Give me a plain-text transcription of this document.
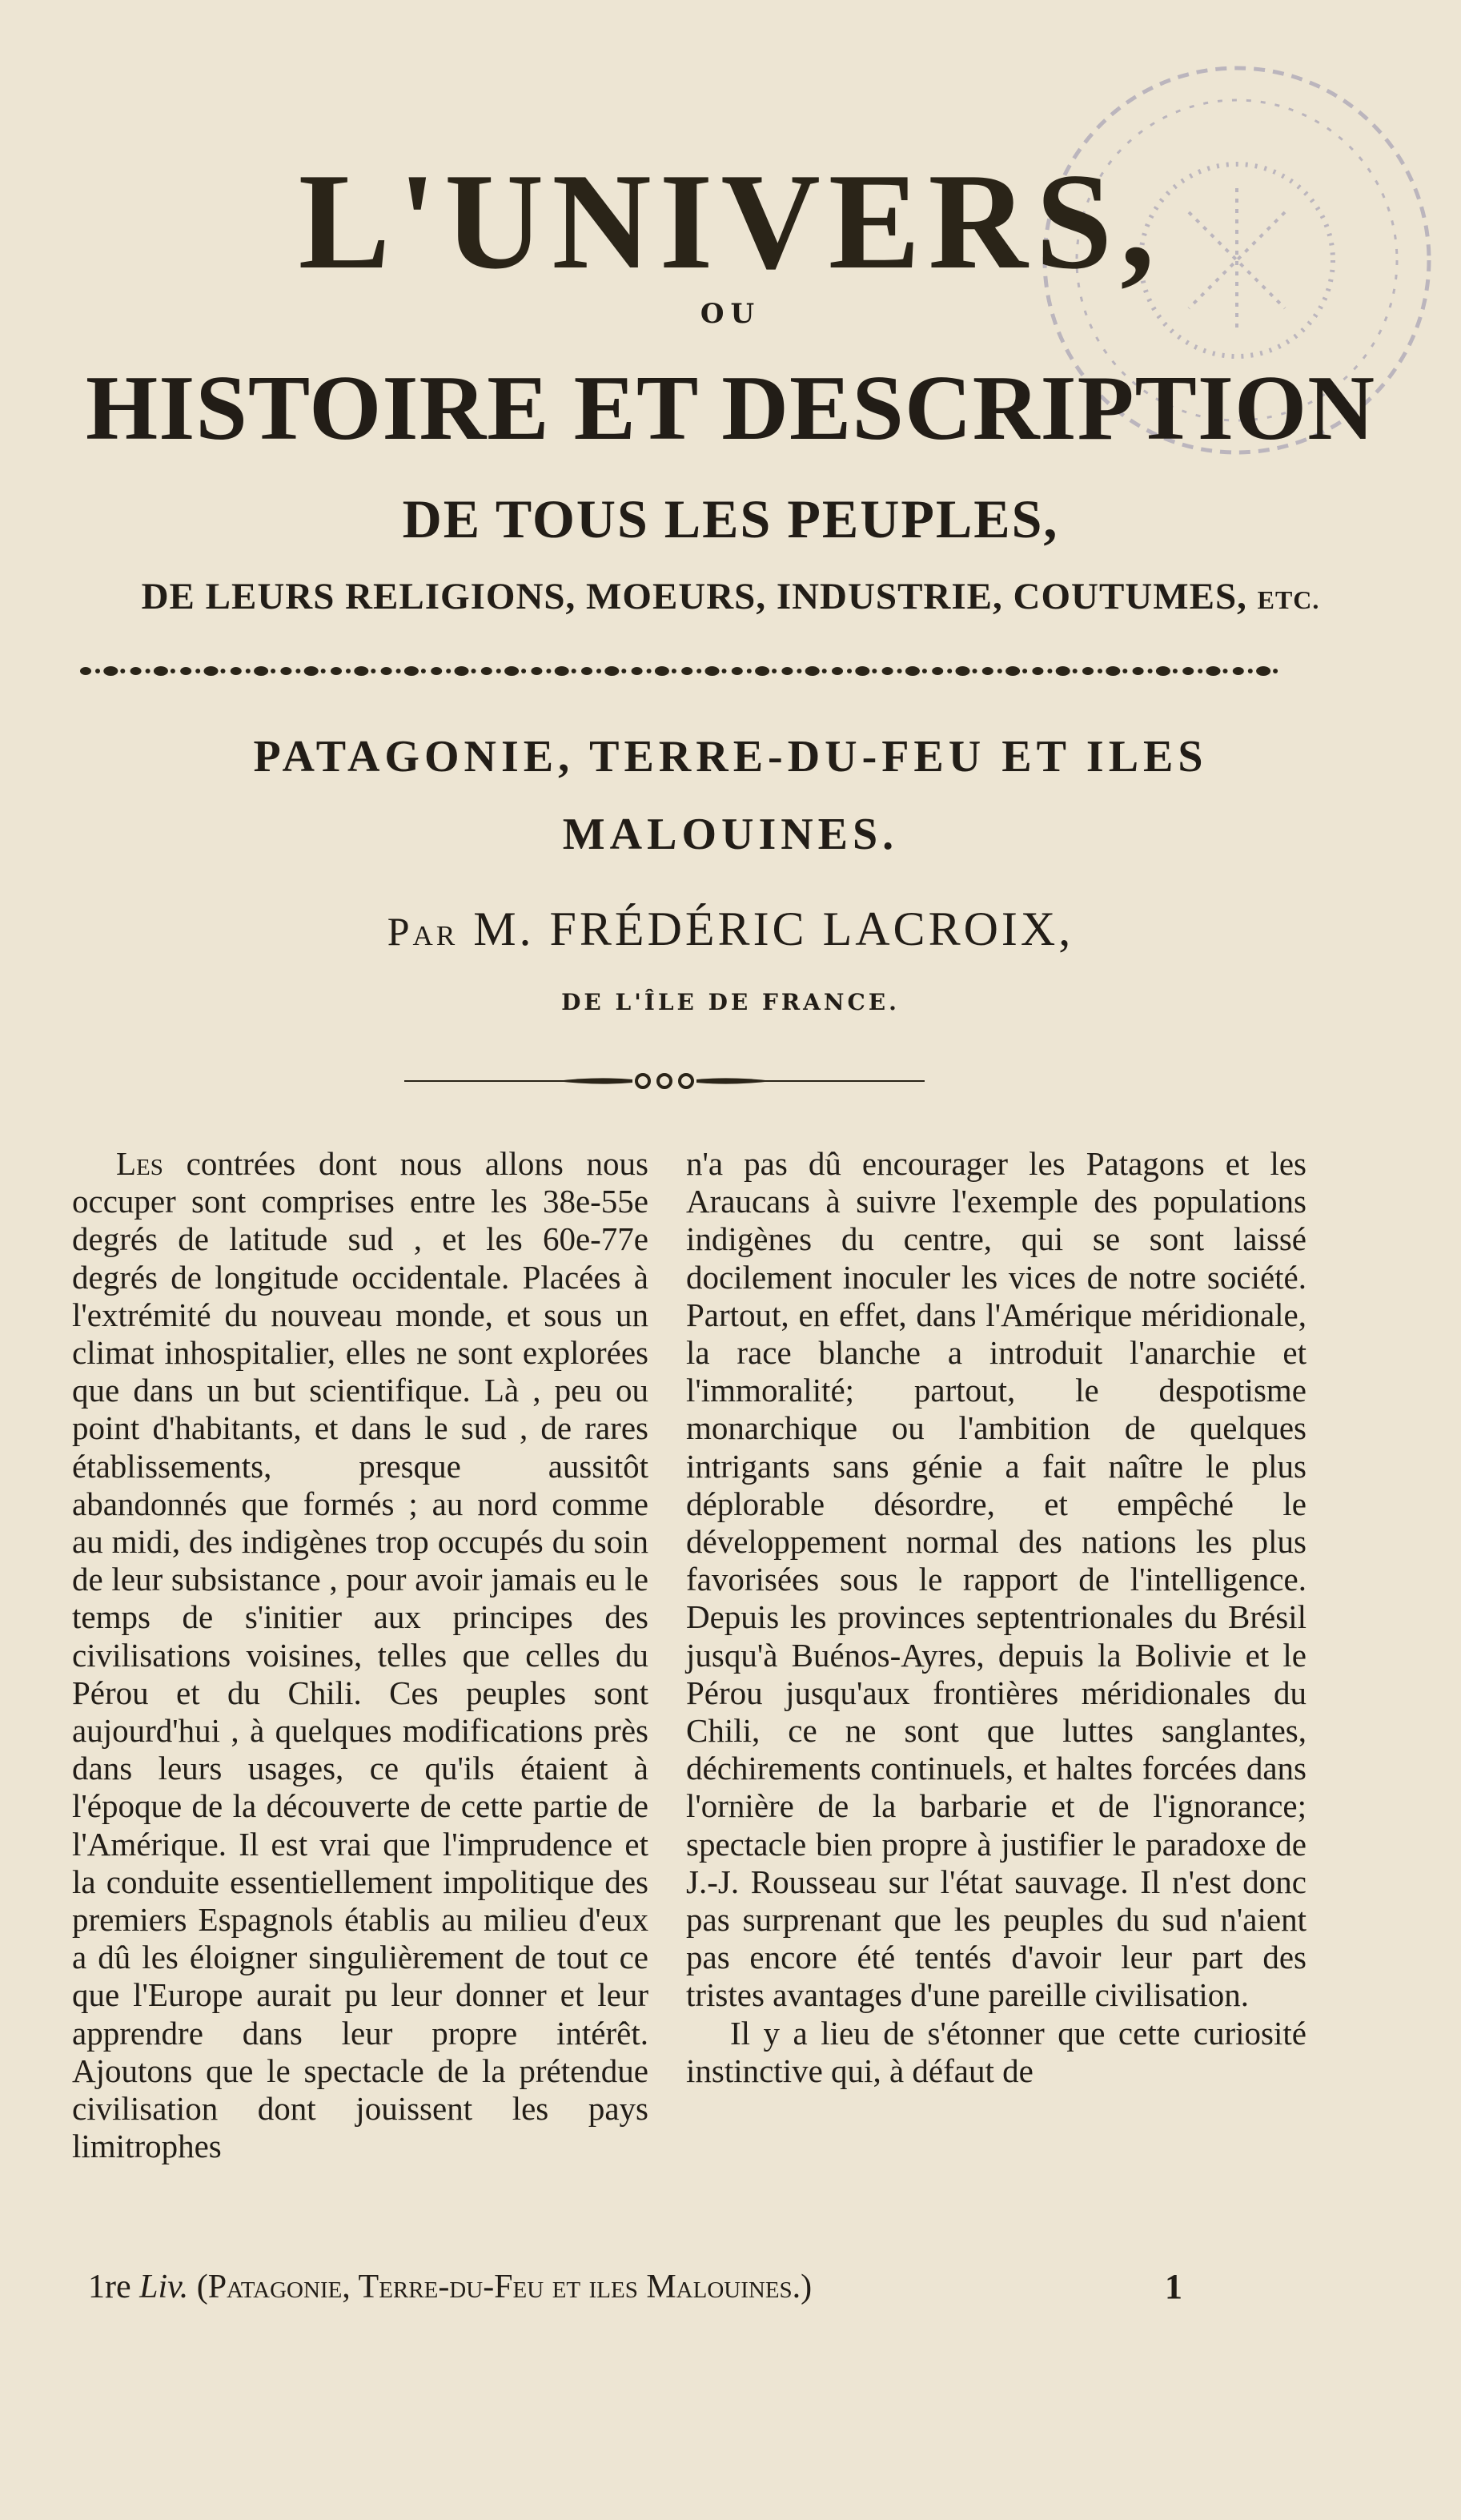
L'UNIVERS,
OU
HISTOIRE ET DESCRIPTION
DE TOUS LES PEUPLES,
DE LEURS RELIGIONS, MOEURS, INDUSTRIE, COUTUMES, ETC.
PATAGONIE, TERRE-DU-FEU ET ILES
MALOUINES.
Par M. FRÉDÉRIC LACROIX,
DE L'ÎLE DE FRANCE.

Les contrées dont nous allons nous occuper sont comprises entre les 38e-55e degrés de latitude sud , et les 60e-77e degrés de longitude occidentale. Placées à l'extrémité du nouveau monde, et sous un climat inhospitalier, elles ne sont explorées que dans un but scientifique. Là , peu ou point d'habitants, et dans le sud , de rares établissements, presque aussitôt abandonnés que formés ; au nord comme au midi, des indigènes trop occupés du soin de leur subsistance , pour avoir jamais eu le temps de s'initier aux principes des civilisations voisines, telles que celles du Pérou et du Chili. Ces peuples sont aujourd'hui , à quelques modifications près dans leurs usages, ce qu'ils étaient à l'époque de la découverte de cette partie de l'Amérique. Il est vrai que l'imprudence et la conduite essentiellement impolitique des premiers Espagnols établis au milieu d'eux a dû les éloigner singulièrement de tout ce que l'Europe aurait pu leur donner et leur apprendre dans leur propre intérêt. Ajoutons que le spectacle de la prétendue civilisation dont jouissent les pays limitrophes

n'a pas dû encourager les Patagons et les Araucans à suivre l'exemple des populations indigènes du centre, qui se sont laissé docilement inoculer les vices de notre société. Partout, en effet, dans l'Amérique méridionale, la race blanche a introduit l'anarchie et l'immoralité; partout, le despotisme monarchique ou l'ambition de quelques intrigants sans génie a fait naître le plus déplorable désordre, et empêché le développement normal des nations les plus favorisées sous le rapport de l'intelligence. Depuis les provinces septentrionales du Brésil jusqu'à Buénos-Ayres, depuis la Bolivie et le Pérou jusqu'aux frontières méridionales du Chili, ce ne sont que luttes sanglantes, déchirements continuels, et haltes forcées dans l'ornière de la barbarie et de l'ignorance; spectacle bien propre à justifier le paradoxe de J.-J. Rousseau sur l'état sauvage. Il n'est donc pas surprenant que les peuples du sud n'aient pas encore été tentés d'avoir leur part des tristes avantages d'une pareille civilisation.

Il y a lieu de s'étonner que cette curiosité instinctive qui, à défaut de

1re Liv. (Patagonie, Terre-du-Feu et iles Malouines.)	1
